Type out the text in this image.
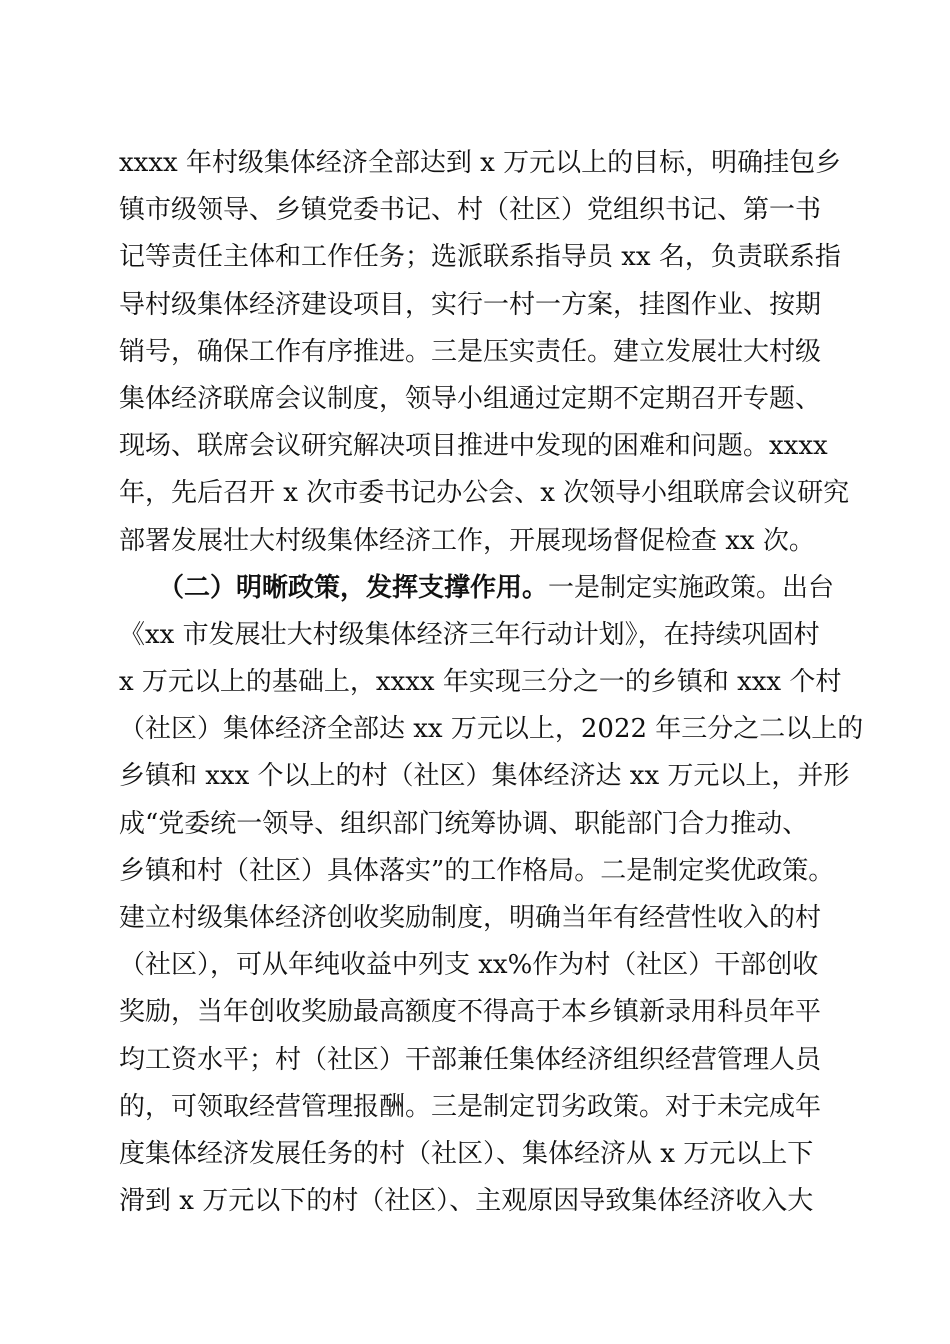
xxxx 年村级集体经济全部达到 x 万元以上的目标，明确挂包乡
镇市级领导、乡镇党委书记、村（社区）党组织书记、第一书
记等责任主体和工作任务；选派联系指导员 xx 名，负责联系指
导村级集体经济建设项目，实行一村一方案，挂图作业、按期
销号，确保工作有序推进。三是压实责任。建立发展壮大村级
集体经济联席会议制度，领导小组通过定期不定期召开专题、
现场、联席会议研究解决项目推进中发现的困难和问题。xxxx
年，先后召开 x 次市委书记办公会、x 次领导小组联席会议研究
部署发展壮大村级集体经济工作，开展现场督促检查 xx 次。
　　（二）明晰政策，发挥支撑作用。一是制定实施政策。出台
《xx 市发展壮大村级集体经济三年行动计划》，在持续巩固村
x 万元以上的基础上，xxxx 年实现三分之一的乡镇和 xxx 个村
（社区）集体经济全部达 xx 万元以上，2022 年三分之二以上的
乡镇和 xxx 个以上的村（社区）集体经济达 xx 万元以上，并形
成“党委统一领导、组织部门统筹协调、职能部门合力推动、
乡镇和村（社区）具体落实”的工作格局。二是制定奖优政策。
建立村级集体经济创收奖励制度，明确当年有经营性收入的村
（社区），可从年纯收益中列支 xx%作为村（社区）干部创收
奖励，当年创收奖励最高额度不得高于本乡镇新录用科员年平
均工资水平；村（社区）干部兼任集体经济组织经营管理人员
的，可领取经营管理报酬。三是制定罚劣政策。对于未完成年
度集体经济发展任务的村（社区）、集体经济从 x 万元以上下
滑到 x 万元以下的村（社区）、主观原因导致集体经济收入大
